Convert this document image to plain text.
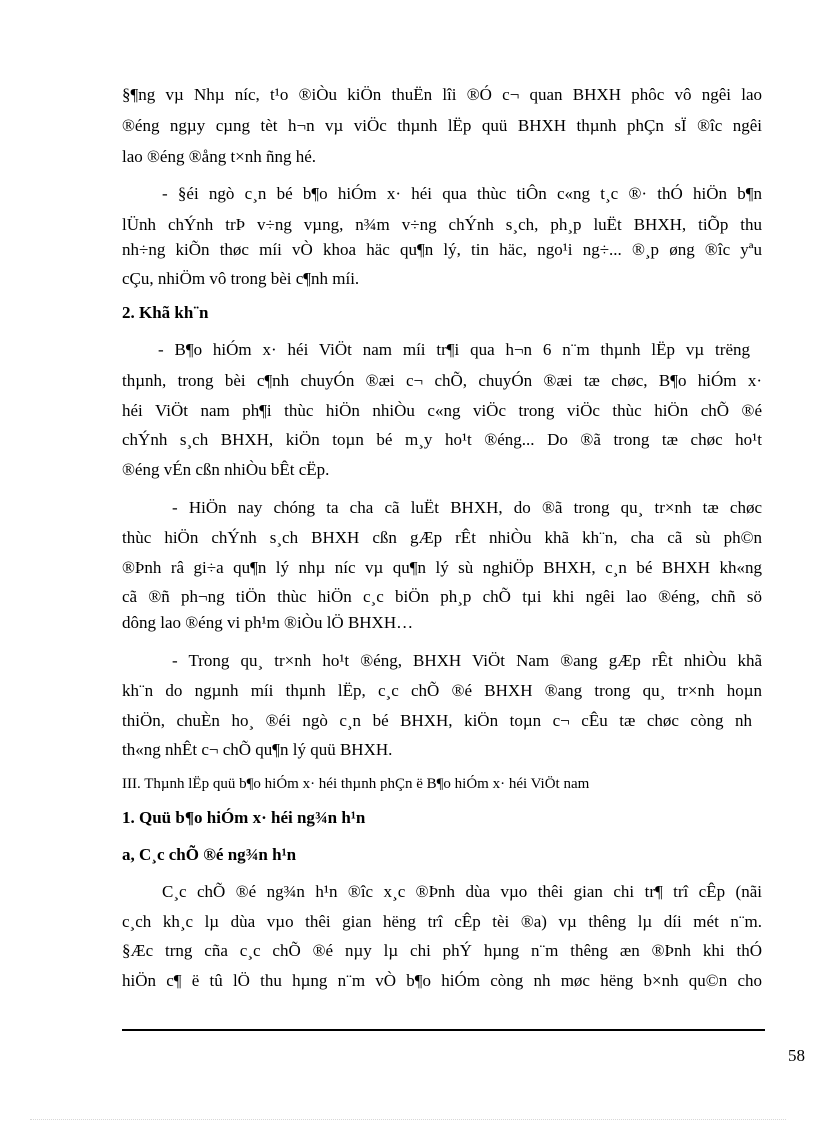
§¶ng vµ Nhµ níc, t¹o ®iÒu kiÖn thuËn lîi ®Ó c¬ quan BHXH phôc vô ngêi lao
®éng ngµy cµng tèt h¬n vµ viÖc thµnh lËp quü BHXH thµnh phÇn sÏ ®îc ngêi
lao ®éng ®ång t×nh ñng hé.
- §éi ngò c¸n bé b¶o hiÓm x· héi qua thùc tiÔn c«ng t¸c ®· thÓ hiÖn b¶n
lÜnh chÝnh trÞ v÷ng vµng, n¾m v÷ng chÝnh s¸ch, ph¸p luËt BHXH, tiÕp thu
nh÷ng kiÕn thøc míi vÒ khoa häc qu¶n lý, tin häc, ngo¹i ng÷... ®¸p øng ®îc yªu
cÇu, nhiÖm vô trong bèi c¶nh míi.
2. Khã kh¨n
- B¶o hiÓm x· héi ViÖt nam míi tr¶i qua h¬n 6 n¨m thµnh lËp vµ trëng
thµnh, trong bèi c¶nh chuyÓn ®æi c¬ chÕ, chuyÓn ®æi tæ chøc, B¶o hiÓm x·
héi ViÖt nam ph¶i thùc hiÖn nhiÒu c«ng viÖc trong viÖc thùc hiÖn chÕ ®é
chÝnh s¸ch BHXH, kiÖn toµn bé m¸y ho¹t ®éng... Do ®ã trong tæ chøc ho¹t
®éng vÉn cßn nhiÒu bÊt cËp.
- HiÖn nay chóng ta cha cã luËt BHXH, do ®ã trong qu¸ tr×nh tæ chøc
thùc hiÖn chÝnh s¸ch BHXH cßn gÆp rÊt nhiÒu khã kh¨n, cha cã sù ph©n
®Þnh râ gi÷a qu¶n lý nhµ níc vµ qu¶n lý sù nghiÖp BHXH, c¸n bé BHXH kh«ng
cã ®ñ ph¬ng tiÖn thùc hiÖn c¸c biÖn ph¸p chÕ tµi khi ngêi lao ®éng, chñ sö
dông lao ®éng vi ph¹m ®iÒu lÖ BHXH…
- Trong qu¸ tr×nh ho¹t ®éng, BHXH ViÖt Nam ®ang gÆp rÊt nhiÒu khã
kh¨n do ngµnh míi thµnh lËp, c¸c chÕ ®é BHXH ®ang trong qu¸ tr×nh hoµn
thiÖn, chuÈn ho¸ ®éi ngò c¸n bé BHXH, kiÖn toµn c¬ cÊu tæ chøc còng nh
th«ng nhÊt c¬ chÕ qu¶n lý quü BHXH.
III. Thµnh lËp quü b¶o hiÓm x· héi thµnh phÇn ë B¶o hiÓm x· héi ViÖt nam
1. Quü b¶o hiÓm x· héi ng¾n h¹n
a, C¸c chÕ ®é ng¾n h¹n
C¸c chÕ ®é ng¾n h¹n ®îc x¸c ®Þnh dùa vµo thêi gian chi tr¶ trî cÊp (nãi
c¸ch kh¸c lµ dùa vµo thêi gian hëng trî cÊp tèi ®a) vµ thêng lµ díi mét n¨m.
§Æc trng cña c¸c chÕ ®é nµy lµ chi phÝ hµng n¨m thêng æn ®Þnh khi thÓ
hiÖn c¶ ë tû lÖ thu hµng n¨m vÒ b¶o hiÓm còng nh møc hëng b×nh qu©n cho
58
